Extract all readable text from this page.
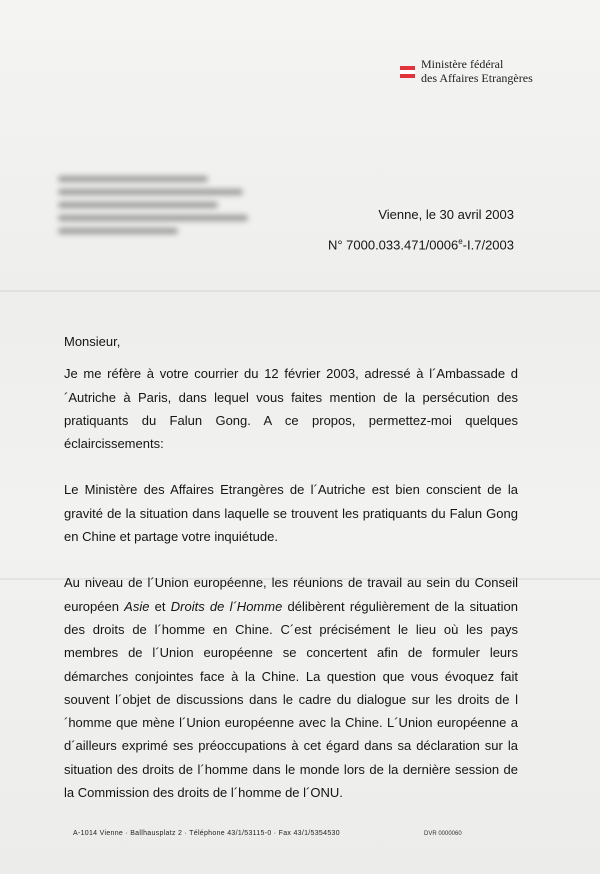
Ministère fédéral
des Affaires Etrangères
Vienne, le 30 avril 2003
N° 7000.033.471/0006e-I.7/2003

Monsieur,

Je me réfère à votre courrier du 12 février 2003, adressé à l´Ambassade d´Autriche à Paris, dans lequel vous faites mention de la persécution des pratiquants du Falun Gong. A ce propos, permettez-moi quelques éclaircissements:

Le Ministère des Affaires Etrangères de l´Autriche est bien conscient de la gravité de la situation dans laquelle se trouvent les pratiquants du Falun Gong en Chine et partage votre inquiétude.

Au niveau de l´Union européenne, les réunions de travail au sein du Conseil européen Asie et Droits de l´Homme délibèrent régulièrement de la situation des droits de l´homme en Chine. C´est précisément le lieu où les pays membres de l´Union européenne se concertent afin de formuler leurs démarches conjointes face à la Chine. La question que vous évoquez fait souvent l´objet de discussions dans le cadre du dialogue sur les droits de l´homme que mène l´Union européenne avec la Chine. L´Union européenne a d´ailleurs exprimé ses préoccupations à cet égard dans sa déclaration sur la situation des droits de l´homme dans le monde lors de la dernière session de la Commission des droits de l´homme de l´ONU.

A-1014 Vienne · Ballhausplatz 2 · Téléphone 43/1/53115-0 · Fax 43/1/5354530	DVR 0000060
